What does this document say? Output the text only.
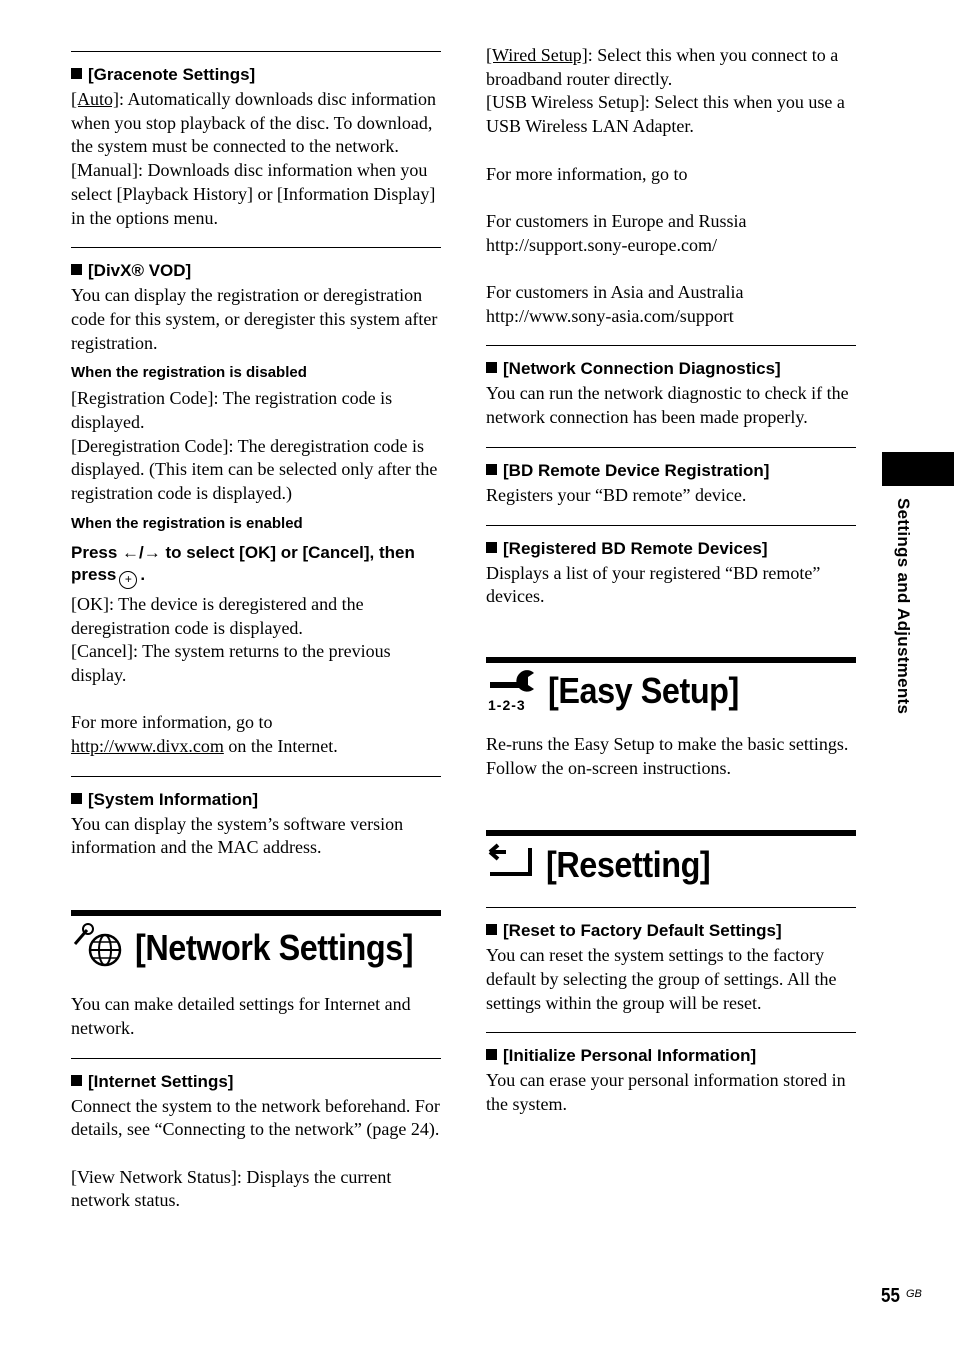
[Gracenote Settings]

[Auto]: Automatically downloads disc information when you stop playback of the disc. To download, the system must be connected to the network.

[Manual]: Downloads disc information when you select [Playback History] or [Information Display] in the options menu.

[DivX® VOD]

You can display the registration or deregistration code for this system, or deregister this system after registration.

When the registration is disabled

[Registration Code]: The registration code is displayed.

[Deregistration Code]: The deregistration code is displayed. (This item can be selected only after the registration code is displayed.)

When the registration is enabled
Press ←/→ to select [OK] or [Cancel], then press + .

[OK]: The device is deregistered and the deregistration code is displayed.

[Cancel]: The system returns to the previous display.

For more information, go to

http://www.divx.com on the Internet.

[System Information]

You can display the system’s software version information and the MAC address.

[Network Settings]

You can make detailed settings for Internet and network.

[Internet Settings]

Connect the system to the network beforehand. For details, see “Connecting to the network” (page 24).

[View Network Status]: Displays the current network status.

[Wired Setup]: Select this when you connect to a broadband router directly.

[USB Wireless Setup]: Select this when you use a USB Wireless LAN Adapter.

For more information, go to

For customers in Europe and Russia

http://support.sony-europe.com/

For customers in Asia and Australia

http://www.sony-asia.com/support

[Network Connection Diagnostics]

You can run the network diagnostic to check if the network connection has been made properly.

[BD Remote Device Registration]

Registers your “BD remote” device.

[Registered BD Remote Devices]

Displays a list of your registered “BD remote” devices.

1-2-3 [Easy Setup]

Re-runs the Easy Setup to make the basic settings. Follow the on-screen instructions.

[Resetting]
[Reset to Factory Default Settings]

You can reset the system settings to the factory default by selecting the group of settings. All the settings within the group will be reset.

[Initialize Personal Information]

You can erase your personal information stored in the system.

Settings and Adjustments
55 GB
